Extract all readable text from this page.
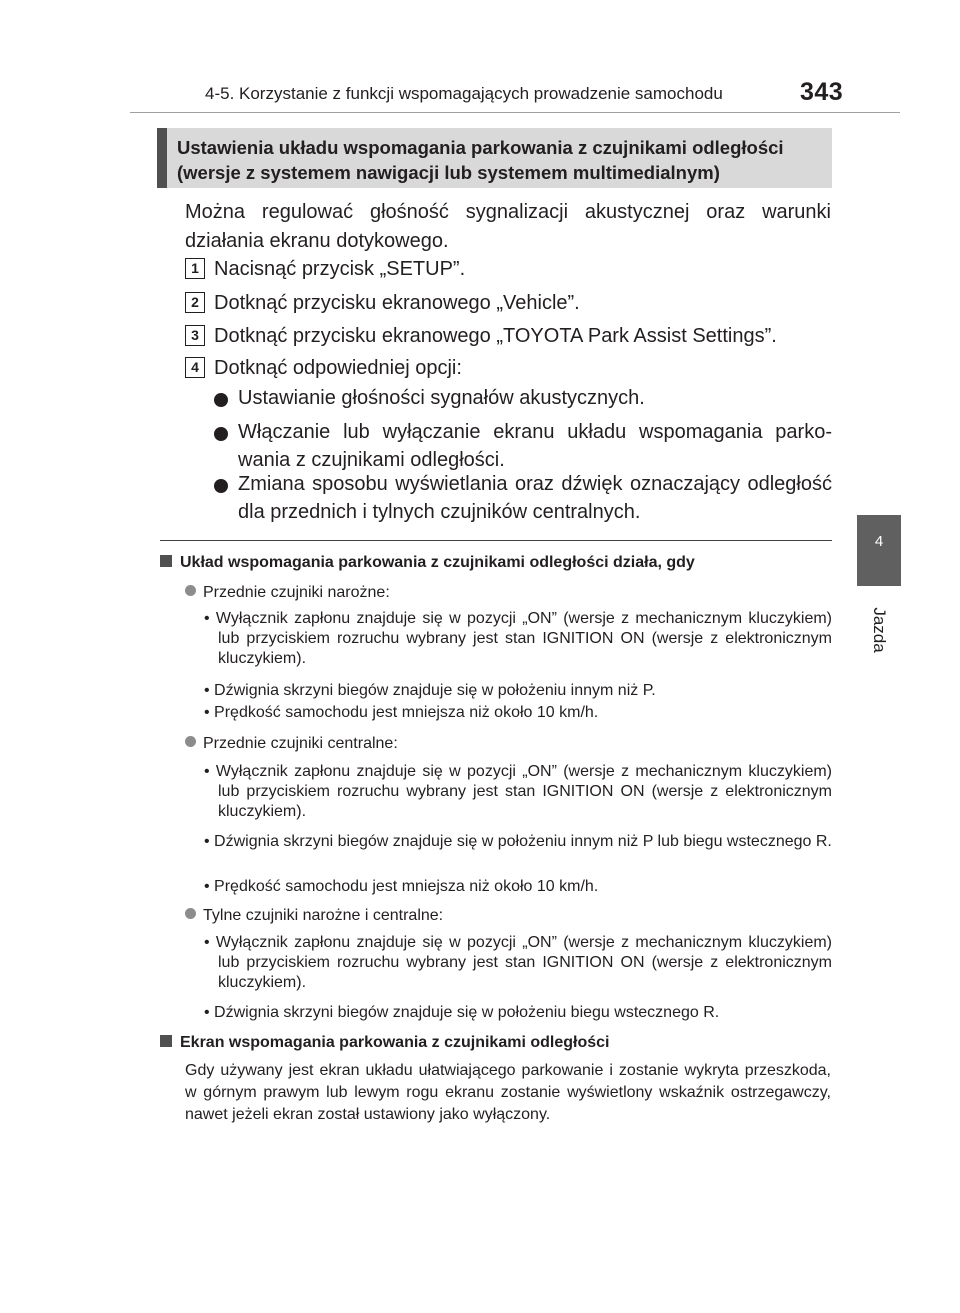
4-5. Korzystanie z funkcji wspomagających prowadzenie samochodu	343
4
Jazda
Ustawienia układu wspomagania parkowania z czujnikami odległości
(wersje z systemem nawigacji lub systemem multimedialnym)
Można regulować głośność sygnalizacji akustycznej oraz warunki działania ekranu dotykowego.
1 Nacisnąć przycisk „SETUP”.
2 Dotknąć przycisku ekranowego „Vehicle”.
3 Dotknąć przycisku ekranowego „TOYOTA Park Assist Settings”.
4 Dotknąć odpowiedniej opcji:
Ustawianie głośności sygnałów akustycznych.
Włączanie lub wyłączanie ekranu układu wspomagania parko-wania z czujnikami odległości.
Zmiana sposobu wyświetlania oraz dźwięk oznaczający odległość dla przednich i tylnych czujników centralnych.
Układ wspomagania parkowania z czujnikami odległości działa, gdy
Przednie czujniki narożne:
• Wyłącznik zapłonu znajduje się w pozycji „ON” (wersje z mechanicznym kluczykiem) lub przyciskiem rozruchu wybrany jest stan IGNITION ON (wersje z elektronicznym kluczykiem).
• Dźwignia skrzyni biegów znajduje się w położeniu innym niż P.
• Prędkość samochodu jest mniejsza niż około 10 km/h.
Przednie czujniki centralne:
• Wyłącznik zapłonu znajduje się w pozycji „ON” (wersje z mechanicznym kluczykiem) lub przyciskiem rozruchu wybrany jest stan IGNITION ON (wersje z elektronicznym kluczykiem).
• Dźwignia skrzyni biegów znajduje się w położeniu innym niż P lub biegu wstecznego R.
• Prędkość samochodu jest mniejsza niż około 10 km/h.
Tylne czujniki narożne i centralne:
• Wyłącznik zapłonu znajduje się w pozycji „ON” (wersje z mechanicznym kluczykiem) lub przyciskiem rozruchu wybrany jest stan IGNITION ON (wersje z elektronicznym kluczykiem).
• Dźwignia skrzyni biegów znajduje się w położeniu biegu wstecznego R.
Ekran wspomagania parkowania z czujnikami odległości
Gdy używany jest ekran układu ułatwiającego parkowanie i zostanie wykryta przeszkoda, w górnym prawym lub lewym rogu ekranu zostanie wyświetlony wskaźnik ostrzegawczy, nawet jeżeli ekran został ustawiony jako wyłączony.
